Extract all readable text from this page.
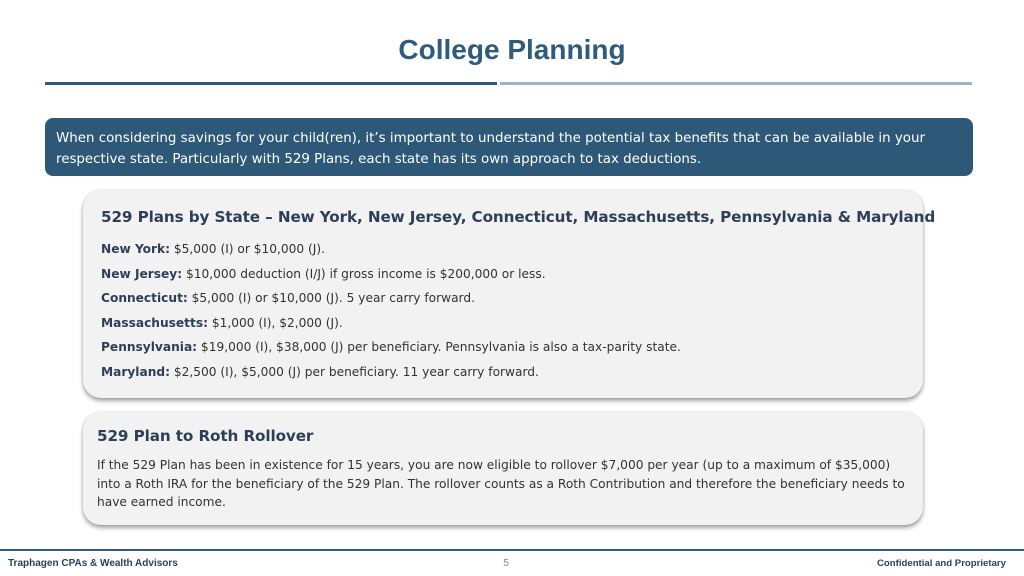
College Planning

When considering savings for your child(ren), it’s important to understand the potential tax benefits that can be available in your respective state. Particularly with 529 Plans, each state has its own approach to tax deductions.

529 Plans by State – New York, New Jersey, Connecticut, Massachusetts, Pennsylvania & Maryland
New York: $5,000 (I) or $10,000 (J).
New Jersey: $10,000 deduction (I/J) if gross income is $200,000 or less.
Connecticut: $5,000 (I) or $10,000 (J). 5 year carry forward.
Massachusetts: $1,000 (I), $2,000 (J).
Pennsylvania: $19,000 (I), $38,000 (J) per beneficiary. Pennsylvania is also a tax-parity state.
Maryland: $2,500 (I), $5,000 (J) per beneficiary. 11 year carry forward.
529 Plan to Roth Rollover

If the 529 Plan has been in existence for 15 years, you are now eligible to rollover $7,000 per year (up to a maximum of $35,000) into a Roth IRA for the beneficiary of the 529 Plan. The rollover counts as a Roth Contribution and therefore the beneficiary needs to have earned income.

Traphagen CPAs & Wealth Advisors	5	Confidential and Proprietary
